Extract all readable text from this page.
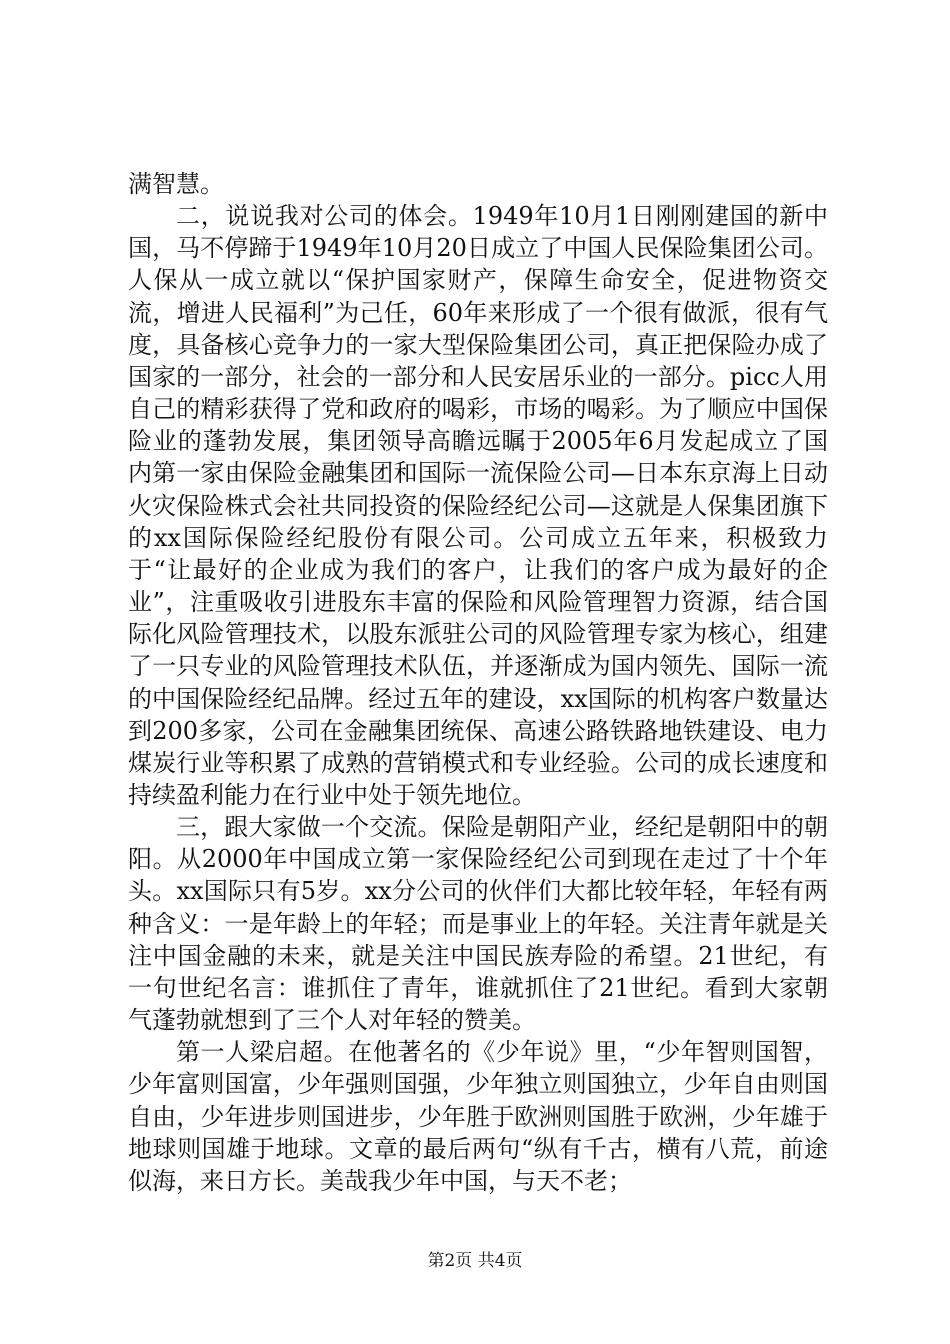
满智慧。

二，说说我对公司的体会。1949年10月1日刚刚建国的新中国，马不停蹄于1949年10月20日成立了中国人民保险集团公司。人保从一成立就以“保护国家财产，保障生命安全，促进物资交流，增进人民福利”为己任，60年来形成了一个很有做派，很有气度，具备核心竞争力的一家大型保险集团公司，真正把保险办成了国家的一部分，社会的一部分和人民安居乐业的一部分。picc人用自己的精彩获得了党和政府的喝彩，市场的喝彩。为了顺应中国保险业的蓬勃发展，集团领导高瞻远瞩于2005年6月发起成立了国内第一家由保险金融集团和国际一流保险公司—日本东京海上日动火灾保险株式会社共同投资的保险经纪公司—这就是人保集团旗下的xx国际保险经纪股份有限公司。公司成立五年来，积极致力于“让最好的企业成为我们的客户，让我们的客户成为最好的企业”，注重吸收引进股东丰富的保险和风险管理智力资源，结合国际化风险管理技术，以股东派驻公司的风险管理专家为核心，组建了一只专业的风险管理技术队伍，并逐渐成为国内领先、国际一流的中国保险经纪品牌。经过五年的建设，xx国际的机构客户数量达到200多家，公司在金融集团统保、高速公路铁路地铁建设、电力煤炭行业等积累了成熟的营销模式和专业经验。公司的成长速度和持续盈利能力在行业中处于领先地位。

三，跟大家做一个交流。保险是朝阳产业，经纪是朝阳中的朝阳。从2000年中国成立第一家保险经纪公司到现在走过了十个年头。xx国际只有5岁。xx分公司的伙伴们大都比较年轻，年轻有两种含义：一是年龄上的年轻；而是事业上的年轻。关注青年就是关注中国金融的未来，就是关注中国民族寿险的希望。21世纪，有一句世纪名言：谁抓住了青年，谁就抓住了21世纪。看到大家朝气蓬勃就想到了三个人对年轻的赞美。

第一人梁启超。在他著名的《少年说》里，“少年智则国智，少年富则国富，少年强则国强，少年独立则国独立，少年自由则国自由，少年进步则国进步，少年胜于欧洲则国胜于欧洲，少年雄于地球则国雄于地球。文章的最后两句“纵有千古，横有八荒，前途似海，来日方长。美哉我少年中国，与天不老；

第2页 共4页
